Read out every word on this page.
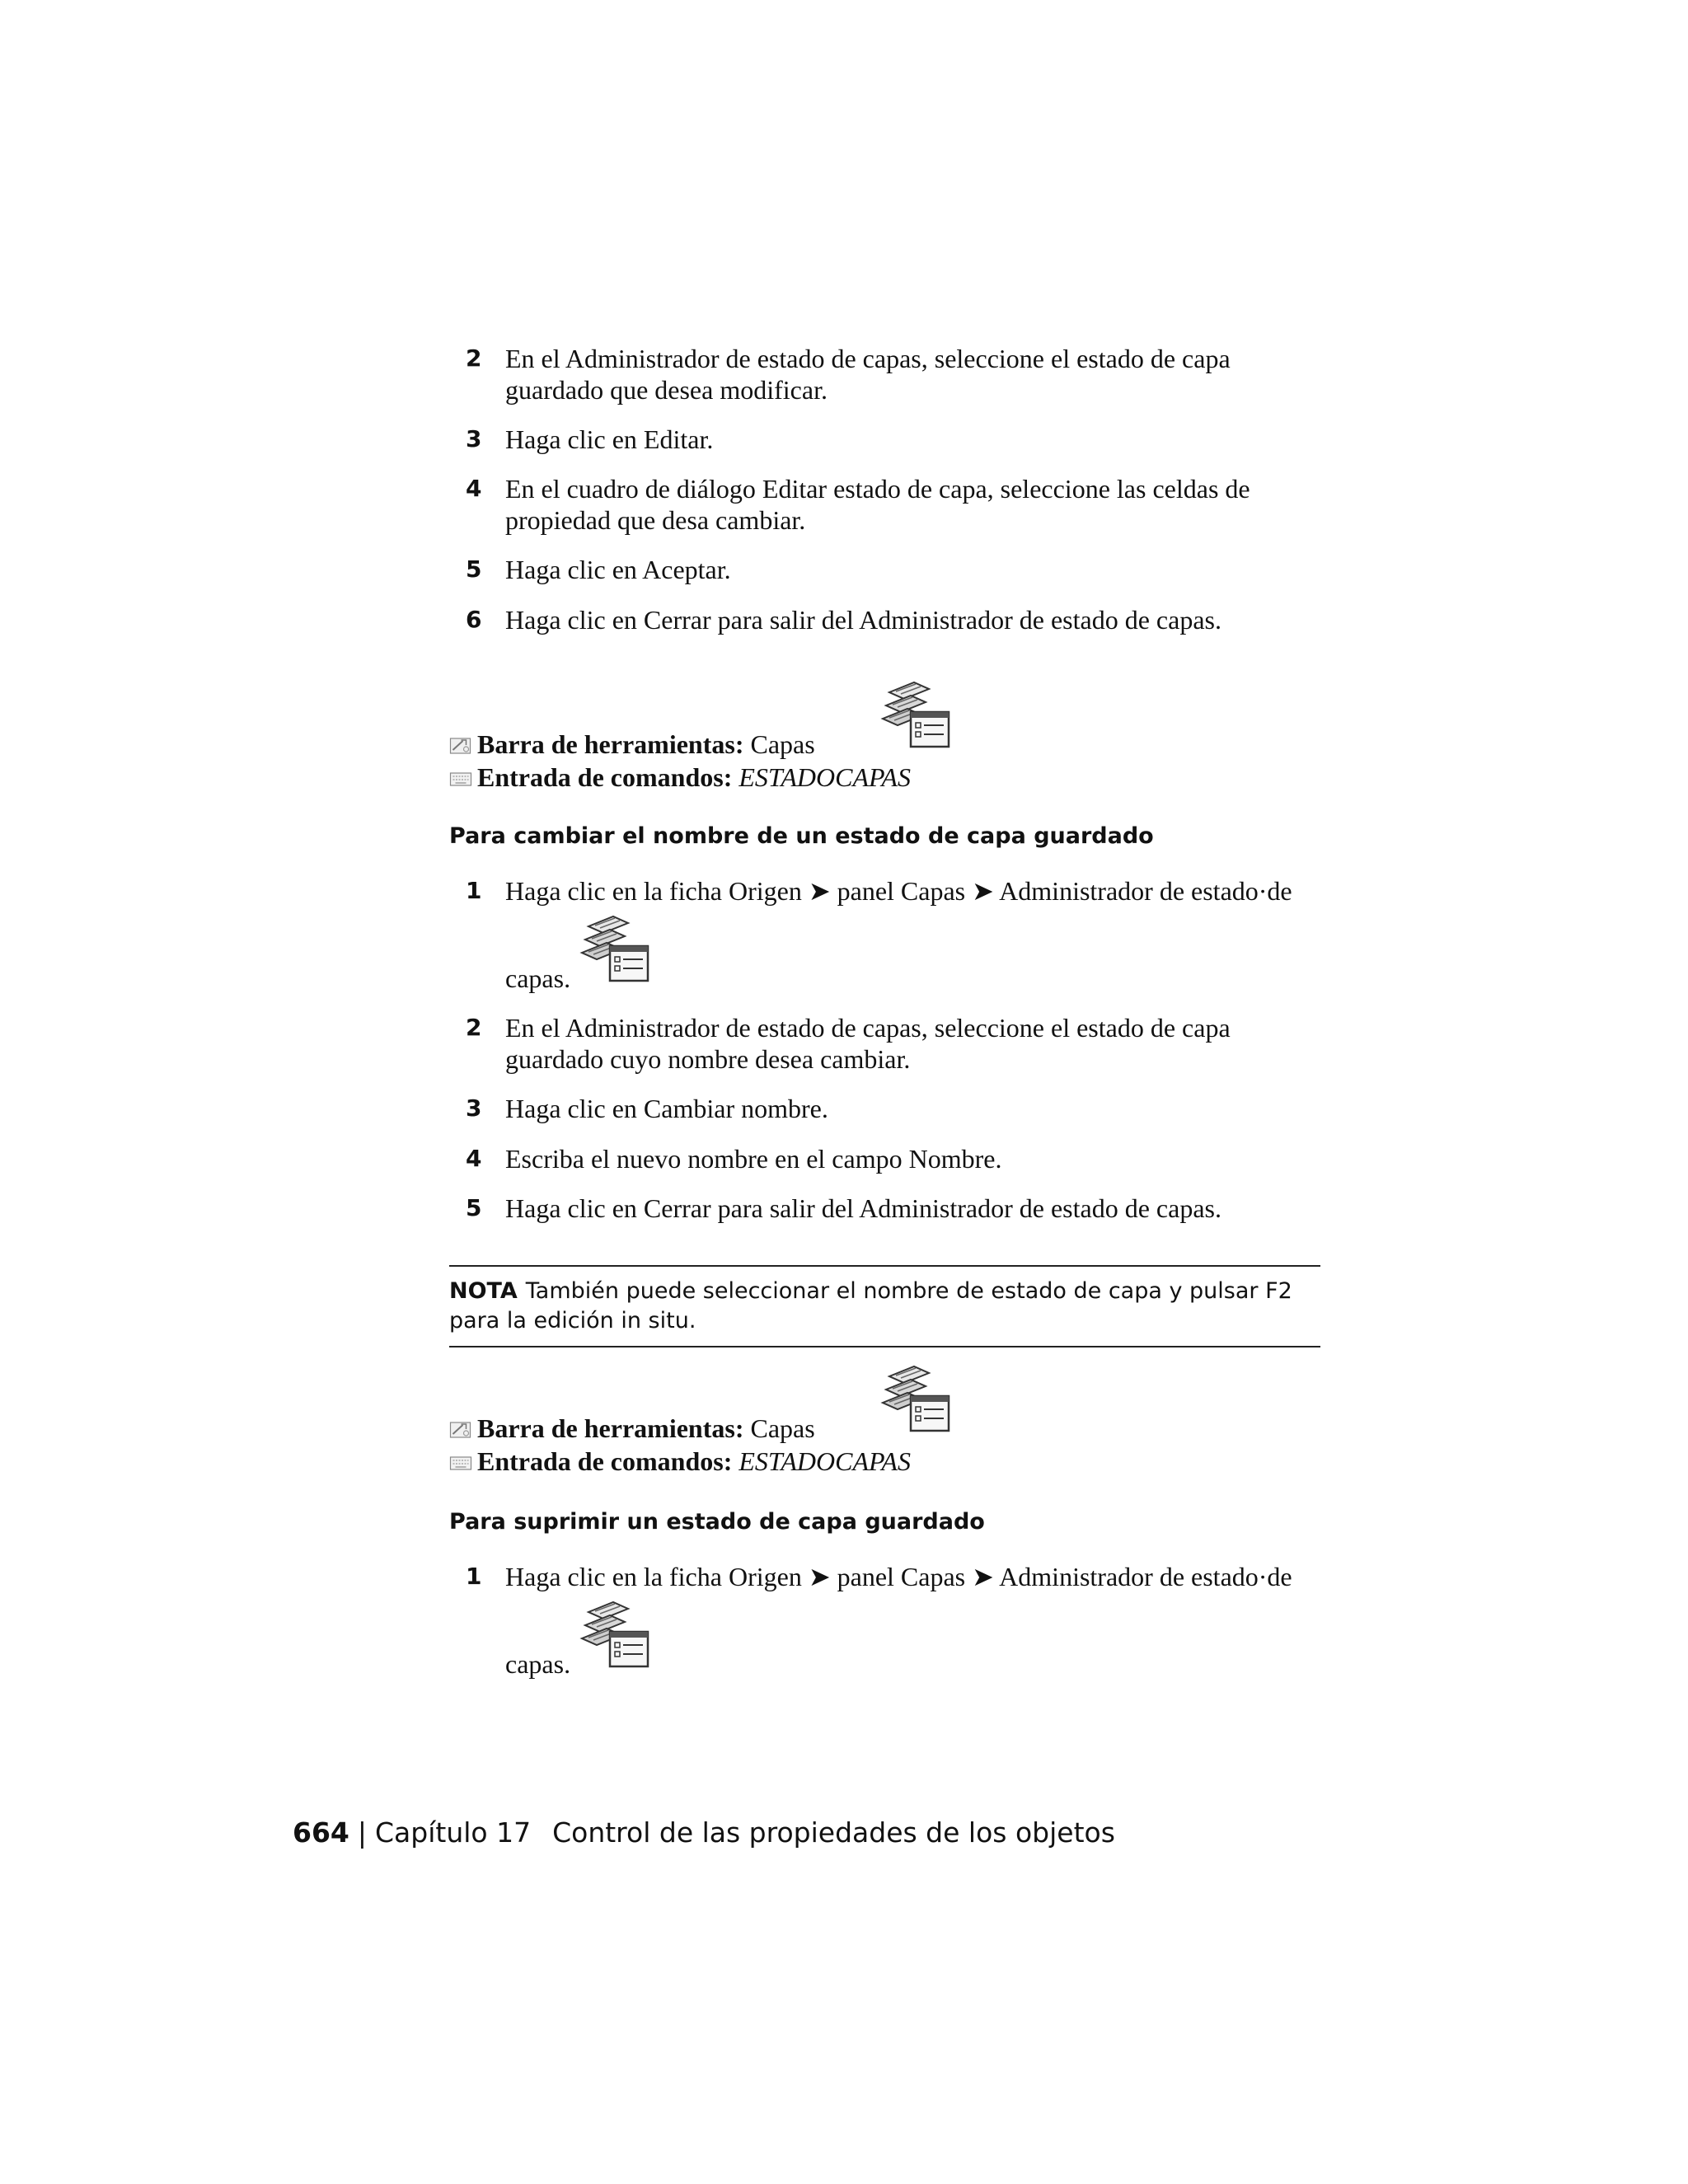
2 En el Administrador de estado de capas, seleccione el estado de capa guardado que desea modificar.
3 Haga clic en Editar.
4 En el cuadro de diálogo Editar estado de capa, seleccione las celdas de propiedad que desa cambiar.
5 Haga clic en Aceptar.
6 Haga clic en Cerrar para salir del Administrador de estado de capas.
Barra de herramientas: Capas
Entrada de comandos: ESTADOCAPAS
Para cambiar el nombre de un estado de capa guardado
1 Haga clic en la ficha Origen ➤ panel Capas ➤ Administrador de estado·de
capas.
2 En el Administrador de estado de capas, seleccione el estado de capa guardado cuyo nombre desea cambiar.
3 Haga clic en Cambiar nombre.
4 Escriba el nuevo nombre en el campo Nombre.
5 Haga clic en Cerrar para salir del Administrador de estado de capas.
NOTA También puede seleccionar el nombre de estado de capa y pulsar F2 para la edición in situ.
Barra de herramientas: Capas
Entrada de comandos: ESTADOCAPAS
Para suprimir un estado de capa guardado
1 Haga clic en la ficha Origen ➤ panel Capas ➤ Administrador de estado·de
capas.
664 | Capítulo 17 Control de las propiedades de los objetos
